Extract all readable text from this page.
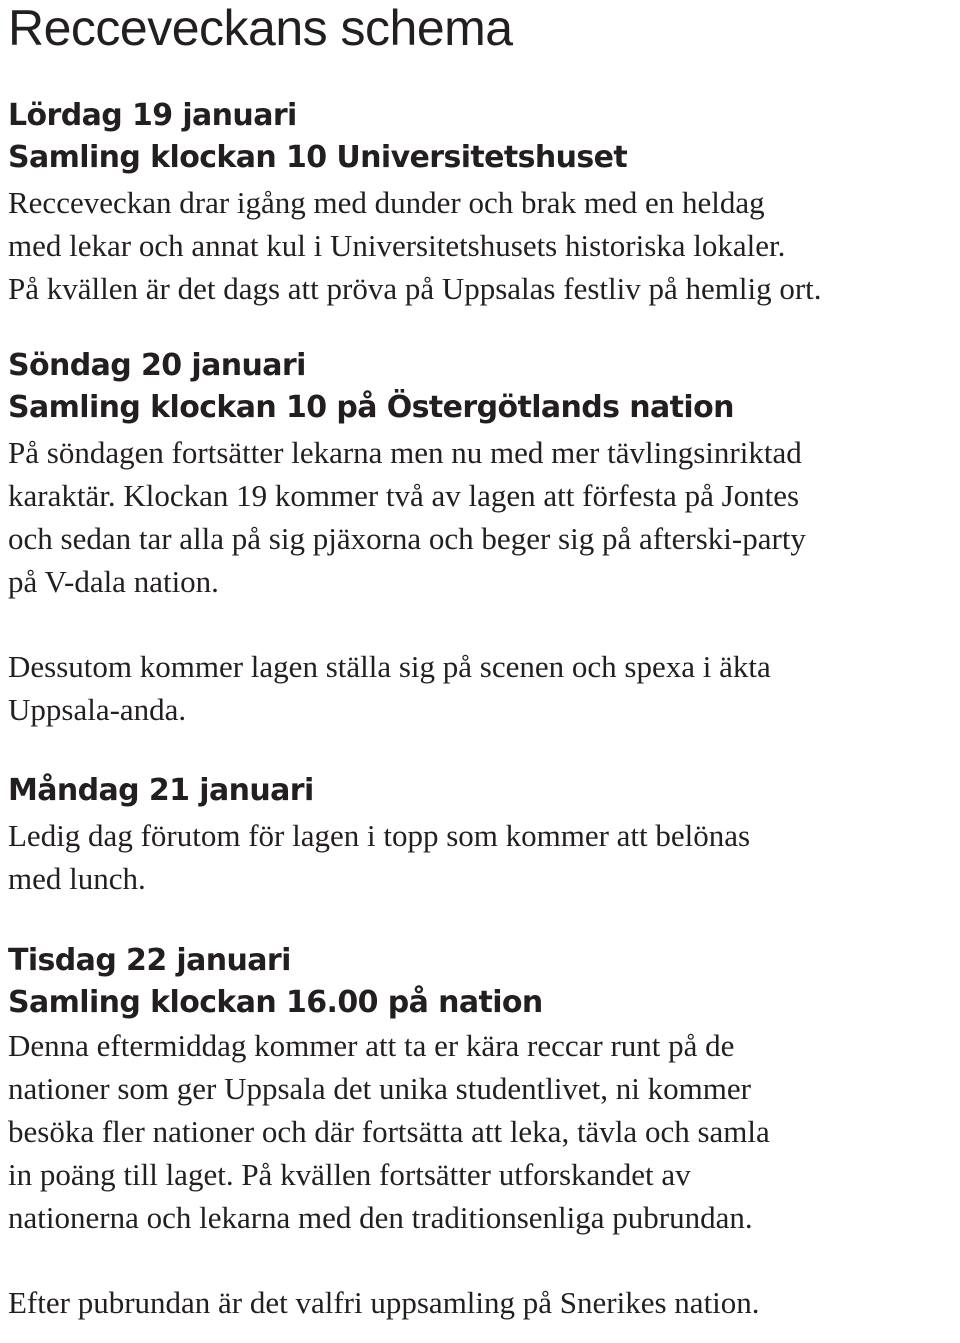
Recceveckans schema
Lördag 19 januari
Samling klockan 10 Universitetshuset

Recceveckan drar igång med dunder och brak med en heldag
med lekar och annat kul i Universitetshusets historiska lokaler.
På kvällen är det dags att pröva på Uppsalas festliv på hemlig ort.

Söndag 20 januari
Samling klockan 10 på Östergötlands nation

På söndagen fortsätter lekarna men nu med mer tävlingsinriktad
karaktär. Klockan 19 kommer två av lagen att förfesta på Jontes
och sedan tar alla på sig pjäxorna och beger sig på afterski-party
på V-dala nation.

Dessutom kommer lagen ställa sig på scenen och spexa i äkta
Uppsala-anda.

Måndag 21 januari

Ledig dag förutom för lagen i topp som kommer att belönas
med lunch.

Tisdag 22 januari
Samling klockan 16.00 på nation

Denna eftermiddag kommer att ta er kära reccar runt på de
nationer som ger Uppsala det unika studentlivet, ni kommer
besöka fler nationer och där fortsätta att leka, tävla och samla
in poäng till laget. På kvällen fortsätter utforskandet av
nationerna och lekarna med den traditionsenliga pubrundan.

Efter pubrundan är det valfri uppsamling på Snerikes nation.
